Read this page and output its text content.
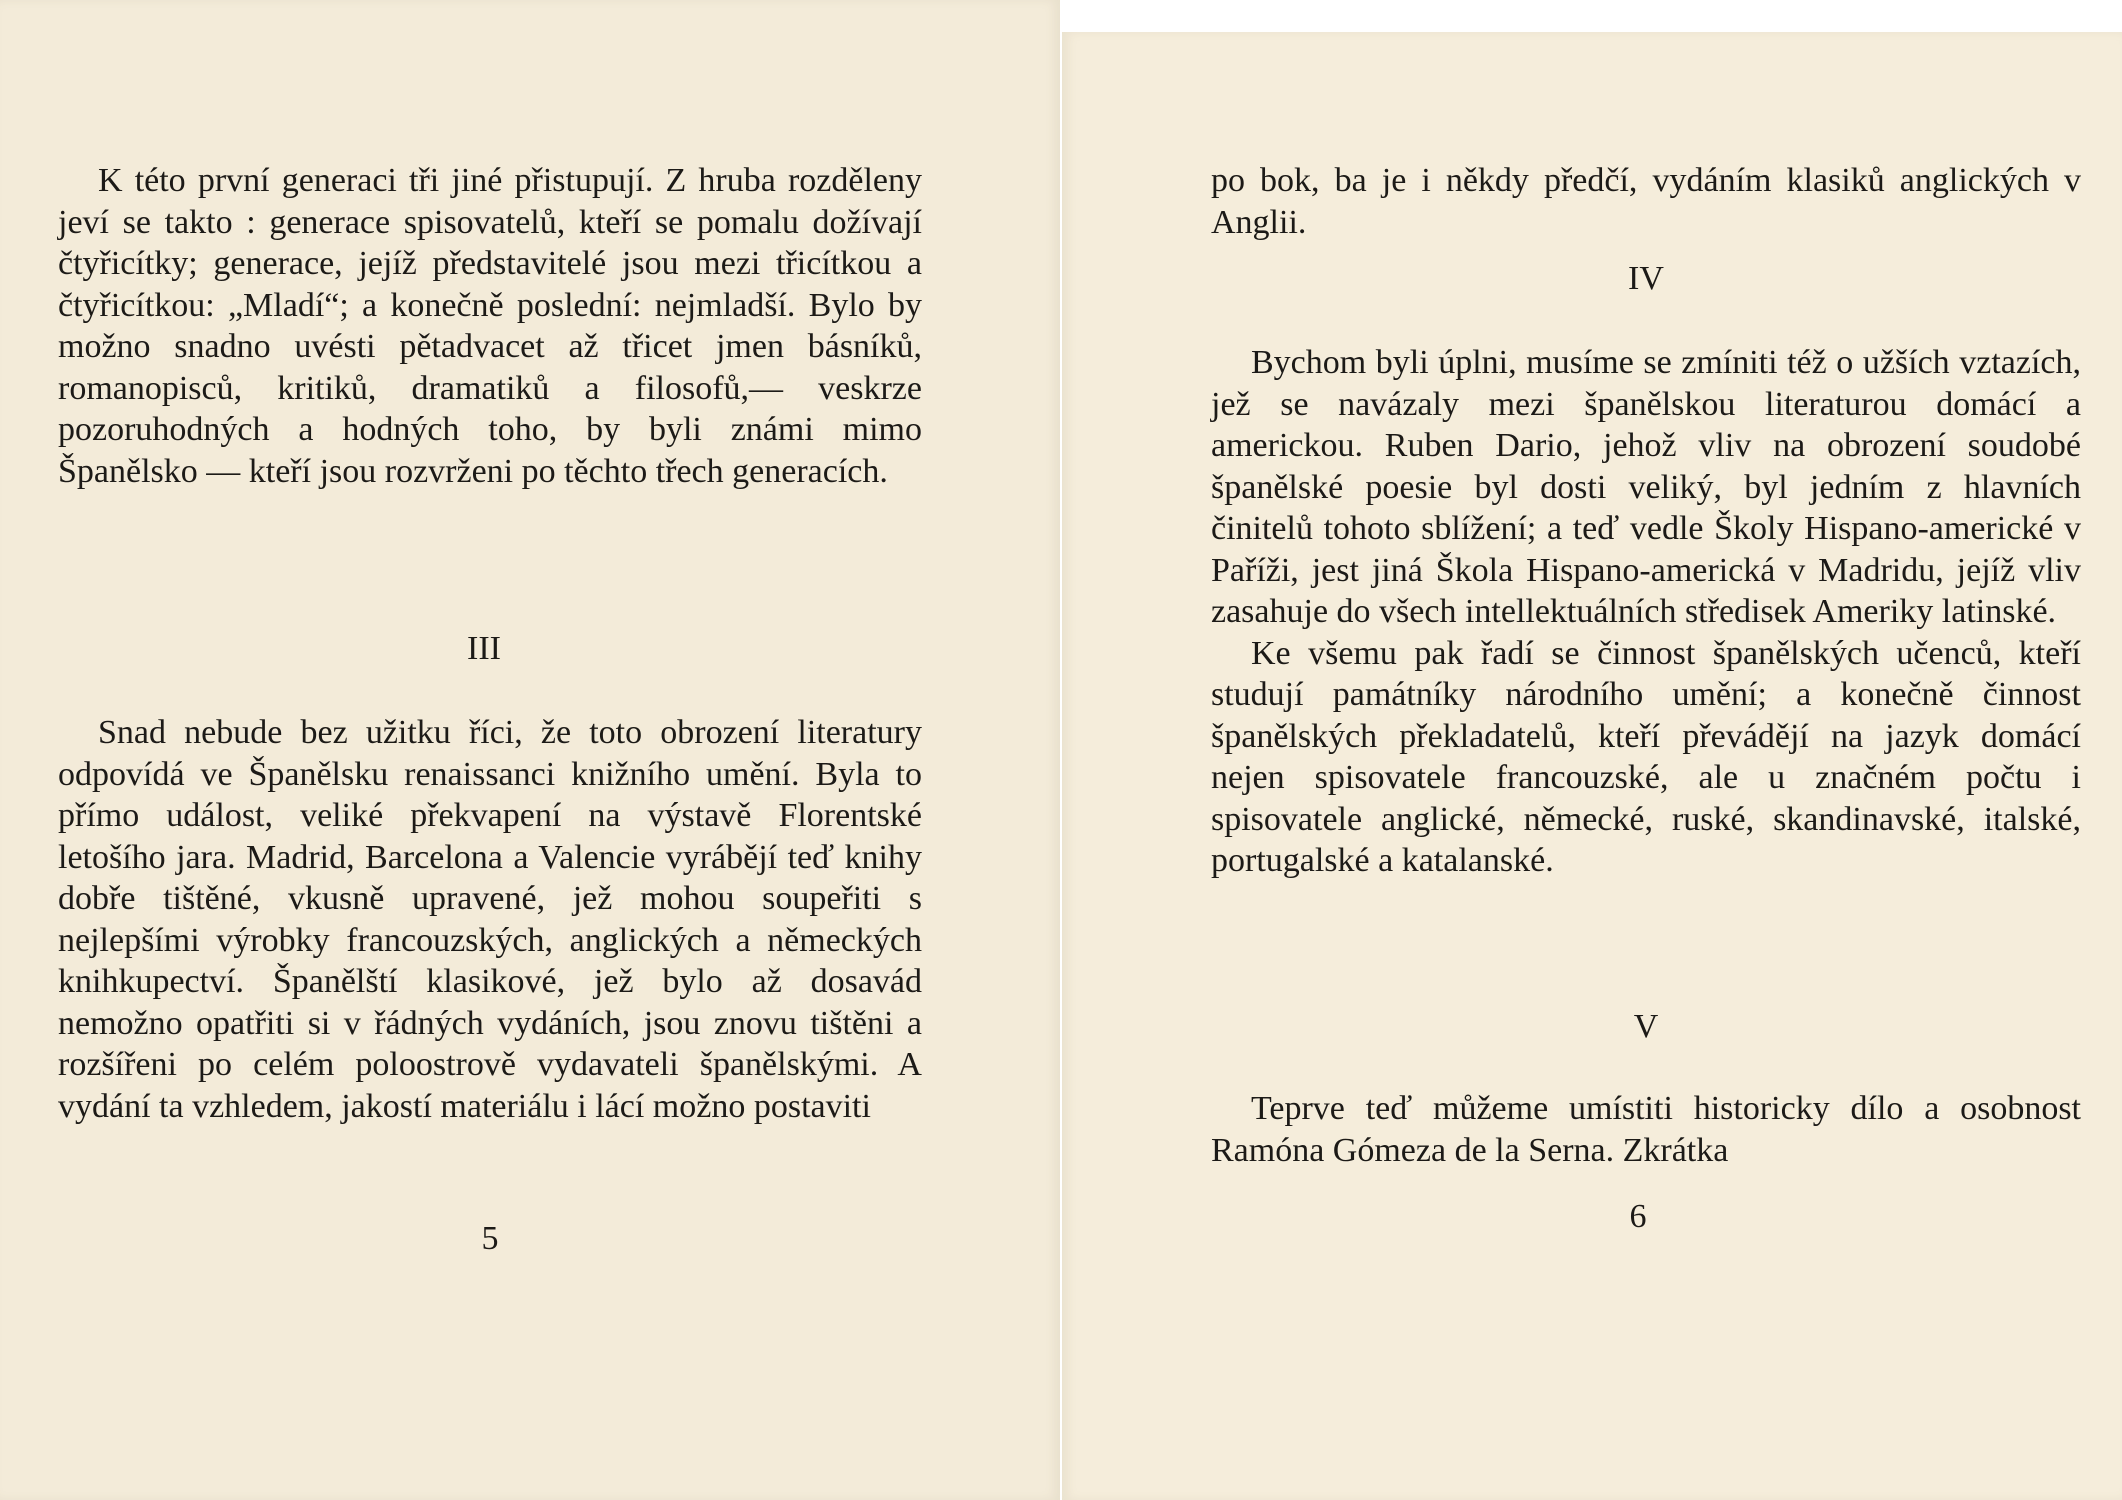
K této první generaci tři jiné přistupují. Z hruba rozděleny jeví se takto : generace spisovatelů, kteří se pomalu dožívají čtyřicítky; generace, jejíž představitelé jsou mezi třicítkou a čtyřicítkou: „Mladí“; a konečně poslední: nejmladší. Bylo by možno snadno uvésti pětadvacet až třicet jmen básníků, romanopisců, kritiků, dramatiků a filosofů,— veskrze pozoruhodných a hodných toho, by byli známi mimo Španělsko — kteří jsou rozvrženi po těchto třech generacích.

III

Snad nebude bez užitku říci, že toto obrození literatury odpovídá ve Španělsku renaissanci knižního umění. Byla to přímo událost, veliké překvapení na výstavě Florentské letošího jara. Madrid, Barcelona a Valencie vyrábějí teď knihy dobře tištěné, vkusně upravené, jež mohou soupeřiti s nejlepšími výrobky francouzských, anglických a německých knihkupectví. Španělští klasikové, jež bylo až dosavád nemožno opatřiti si v řádných vydáních, jsou znovu tištěni a rozšířeni po celém poloostrově vydavateli španělskými. A vydání ta vzhledem, jakostí materiálu i lácí možno postaviti

5

po bok, ba je i někdy předčí, vydáním klasiků anglických v Anglii.

IV

Bychom byli úplni, musíme se zmíniti též o užších vztazích, jež se navázaly mezi španělskou literaturou domácí a americkou. Ruben Dario, jehož vliv na obrození soudobé španělské poesie byl dosti veliký, byl jedním z hlavních činitelů tohoto sblížení; a teď vedle Školy Hispano-americké v Paříži, jest jiná Škola Hispano-americká v Madridu, jejíž vliv zasahuje do všech intellektuálních středisek Ameriky latinské.

Ke všemu pak řadí se činnost španělských učenců, kteří studují památníky národního umění; a konečně činnost španělských překladatelů, kteří převádějí na jazyk domácí nejen spisovatele francouzské, ale u značném počtu i spisovatele anglické, německé, ruské, skandinavské, italské, portugalské a katalanské.

V

Teprve teď můžeme umístiti historicky dílo a osobnost Ramóna Gómeza de la Serna. Zkrátka

6
